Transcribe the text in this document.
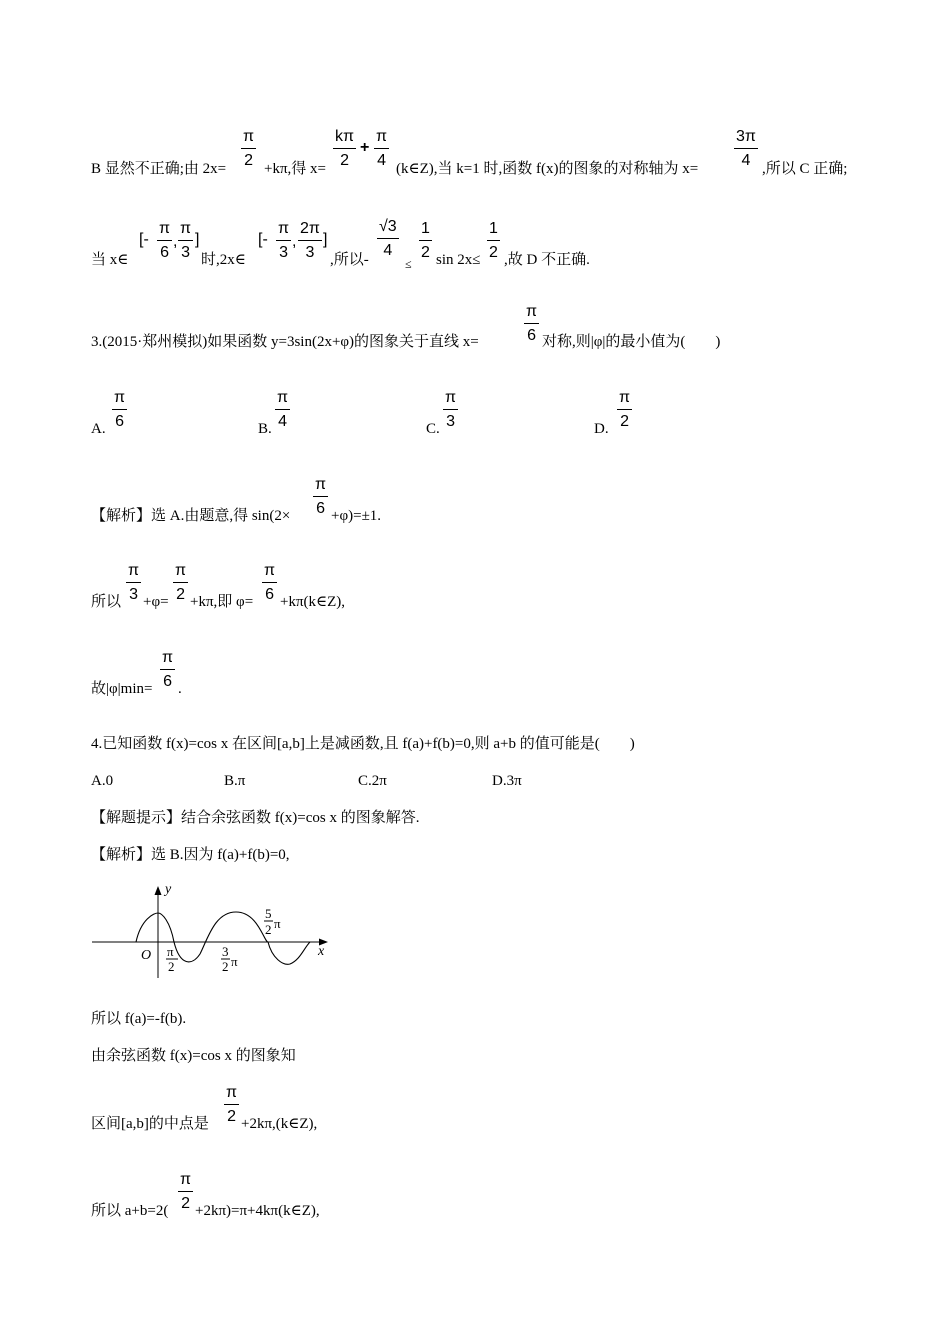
B 显然不正确;由 2x=
π
2 +kπ,得 x=
kπ
2
+
π
4 (k∈Z),当 k=1 时,函数 f(x)的图象的对称轴为 x=
3π
4 ,所以 C 正确;
当 x∈
[-
π
6
,
π
3
]
时,2x∈
[-
π
3
,
2π
3
]
,所以-
√3
4
≤
1
2 sin 2x≤
1
2 ,故 D 不正确.
3.(2015·郑州模拟)如果函数 y=3sin(2x+φ)的图象关于直线 x=
π
6 对称,则|φ|的最小值为(　　)
A.
π
6	B.
π
4	C.
π
3	D.
π
2
【解析】选 A.由题意,得 sin(2×
π
6 +φ)=±1.
所以
π
3 +φ=
π
2 +kπ,即 φ=
π
6 +kπ(k∈Z),
故|φ|min=
π
6 .
4.已知函数 f(x)=cos x 在区间[a,b]上是减函数,且 f(a)+f(b)=0,则 a+b 的值可能是(　　)
A.0	B.π	C.2π	D.3π
【解题提示】结合余弦函数 f(x)=cos x 的图象解答.
【解析】选 B.因为 f(a)+f(b)=0,
y
x
O π
2
3
2 π
5
2 π
所以 f(a)=-f(b).
由余弦函数 f(x)=cos x 的图象知
区间[a,b]的中点是
π
2 +2kπ,(k∈Z),
所以 a+b=2(
π
2 +2kπ)=π+4kπ(k∈Z),
